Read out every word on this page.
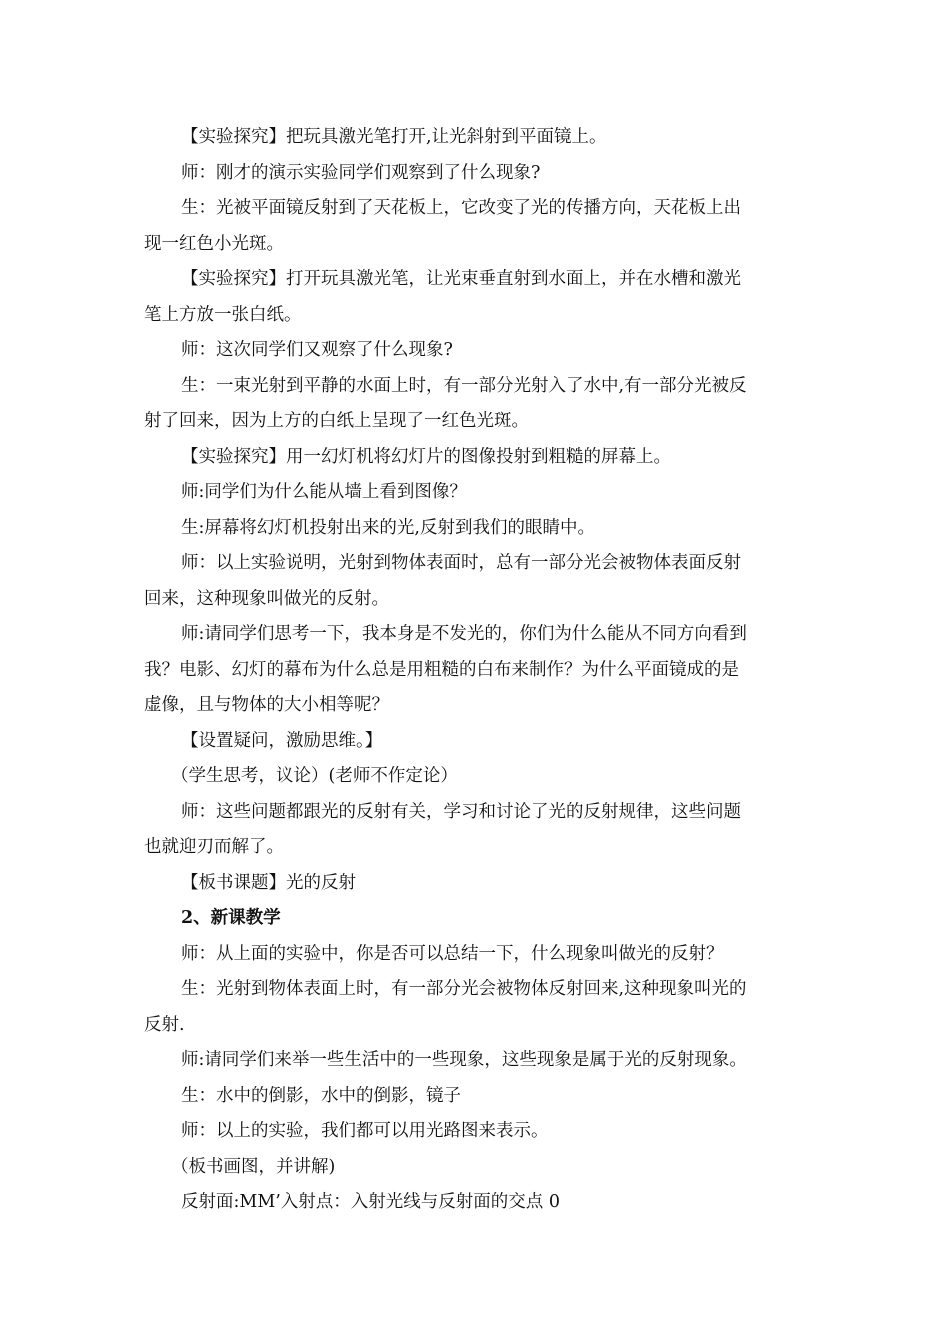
【实验探究】把玩具激光笔打开,让光斜射到平面镜上。

师：刚才的演示实验同学们观察到了什么现象?

生：光被平面镜反射到了天花板上，它改变了光的传播方向，天花板上出
现一红色小光斑。

【实验探究】打开玩具激光笔，让光束垂直射到水面上，并在水槽和激光
笔上方放一张白纸。

师：这次同学们又观察了什么现象?

生：一束光射到平静的水面上时，有一部分光射入了水中,有一部分光被反
射了回来，因为上方的白纸上呈现了一红色光斑。

【实验探究】用一幻灯机将幻灯片的图像投射到粗糙的屏幕上。

师:同学们为什么能从墙上看到图像？

生:屏幕将幻灯机投射出来的光,反射到我们的眼睛中。

师：以上实验说明，光射到物体表面时，总有一部分光会被物体表面反射
回来，这种现象叫做光的反射。

师:请同学们思考一下，我本身是不发光的，你们为什么能从不同方向看到
我？电影、幻灯的幕布为什么总是用粗糙的白布来制作？为什么平面镜成的是
虚像，且与物体的大小相等呢？

【设置疑问，激励思维。】

（学生思考，议论）(老师不作定论）

师：这些问题都跟光的反射有关，学习和讨论了光的反射规律，这些问题
也就迎刃而解了。

【板书课题】光的反射

2、新课教学

师：从上面的实验中，你是否可以总结一下，什么现象叫做光的反射？

生：光射到物体表面上时，有一部分光会被物体反射回来,这种现象叫光的
反射.

师:请同学们来举一些生活中的一些现象，这些现象是属于光的反射现象。

生：水中的倒影，水中的倒影，镜子

师：以上的实验，我们都可以用光路图来表示。

（板书画图，并讲解)

反射面:MM’入射点：入射光线与反射面的交点 0
